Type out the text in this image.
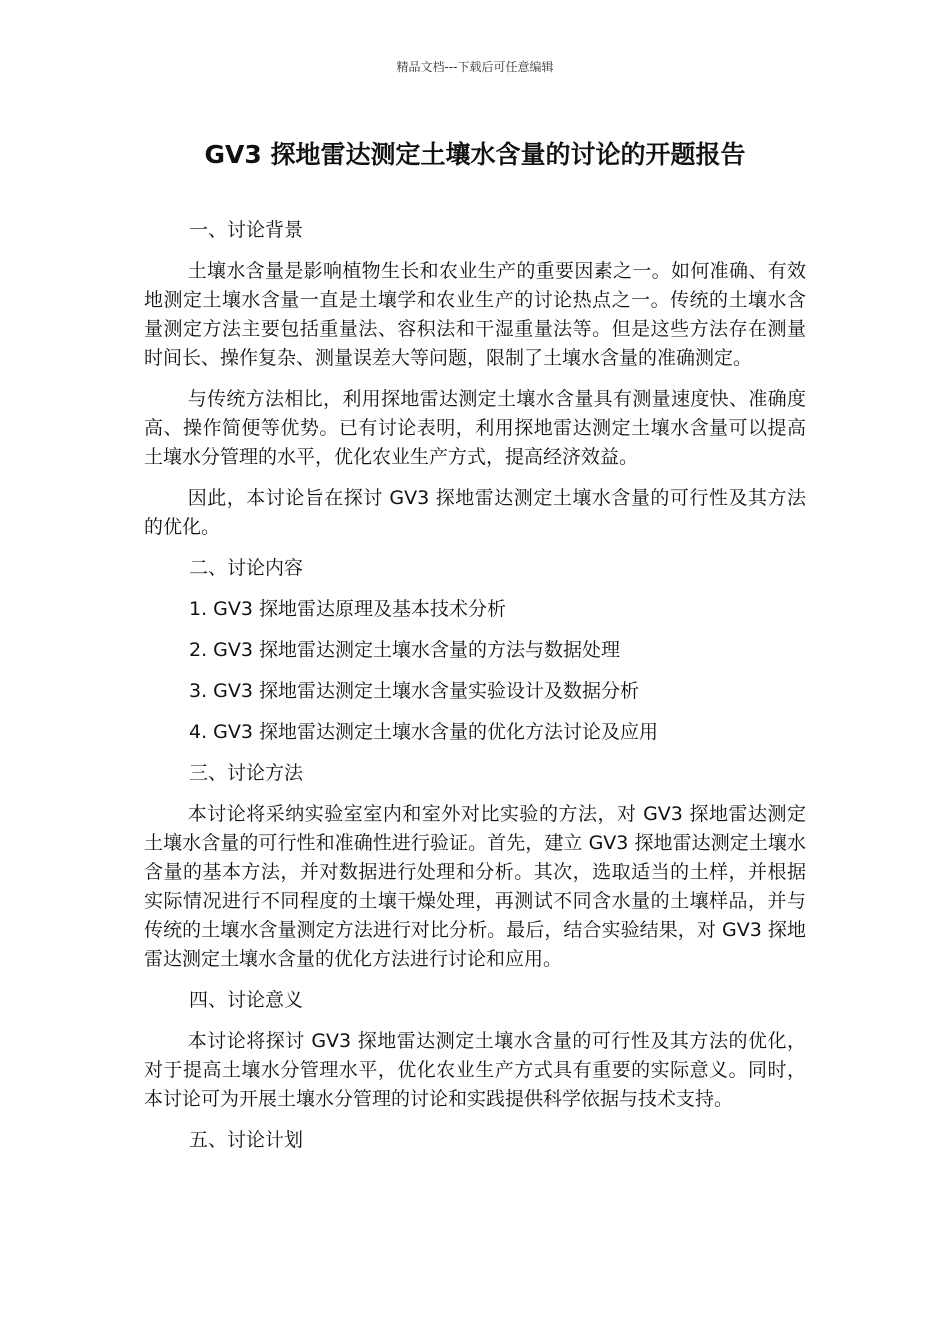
精品文档---下载后可任意编辑
GV3 探地雷达测定土壤水含量的讨论的开题报告

一、讨论背景

土壤水含量是影响植物生长和农业生产的重要因素之一。如何准确、有效地测定土壤水含量一直是土壤学和农业生产的讨论热点之一。传统的土壤水含量测定方法主要包括重量法、容积法和干湿重量法等。但是这些方法存在测量时间长、操作复杂、测量误差大等问题，限制了土壤水含量的准确测定。

与传统方法相比，利用探地雷达测定土壤水含量具有测量速度快、准确度高、操作简便等优势。已有讨论表明，利用探地雷达测定土壤水含量可以提高土壤水分管理的水平，优化农业生产方式，提高经济效益。

因此，本讨论旨在探讨 GV3 探地雷达测定土壤水含量的可行性及其方法的优化。

二、讨论内容

1. GV3 探地雷达原理及基本技术分析

2. GV3 探地雷达测定土壤水含量的方法与数据处理

3. GV3 探地雷达测定土壤水含量实验设计及数据分析

4. GV3 探地雷达测定土壤水含量的优化方法讨论及应用

三、讨论方法

本讨论将采纳实验室室内和室外对比实验的方法，对 GV3 探地雷达测定土壤水含量的可行性和准确性进行验证。首先，建立 GV3 探地雷达测定土壤水含量的基本方法，并对数据进行处理和分析。其次，选取适当的土样，并根据实际情况进行不同程度的土壤干燥处理，再测试不同含水量的土壤样品，并与传统的土壤水含量测定方法进行对比分析。最后，结合实验结果，对 GV3 探地雷达测定土壤水含量的优化方法进行讨论和应用。

四、讨论意义

本讨论将探讨 GV3 探地雷达测定土壤水含量的可行性及其方法的优化，对于提高土壤水分管理水平，优化农业生产方式具有重要的实际意义。同时，本讨论可为开展土壤水分管理的讨论和实践提供科学依据与技术支持。

五、讨论计划
